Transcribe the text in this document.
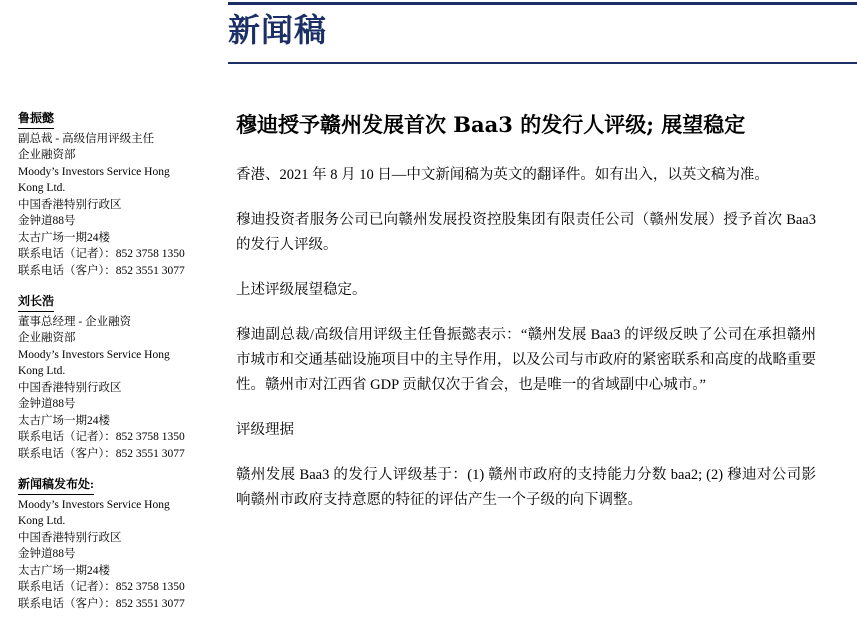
新闻稿
鲁振懿
副总裁 - 高级信用评级主任
企业融资部
Moody’s Investors Service Hong
Kong Ltd.
中国香港特别行政区
金钟道88号
太古广场一期24楼
联系电话（记者）：852 3758 1350
联系电话（客户）：852 3551 3077
刘长浩
董事总经理 - 企业融资
企业融资部
Moody’s Investors Service Hong
Kong Ltd.
中国香港特别行政区
金钟道88号
太古广场一期24楼
联系电话（记者）：852 3758 1350
联系电话（客户）：852 3551 3077
新闻稿发布处:
Moody’s Investors Service Hong
Kong Ltd.
中国香港特别行政区
金钟道88号
太古广场一期24楼
联系电话（记者）：852 3758 1350
联系电话（客户）：852 3551 3077
穆迪授予赣州发展首次 Baa3 的发行人评级; 展望稳定

香港、2021 年 8 月 10 日—中文新闻稿为英文的翻译件。如有出入，以英文稿为准。

穆迪投资者服务公司已向赣州发展投资控股集团有限责任公司（赣州发展）授予首次 Baa3 的发行人评级。

上述评级展望稳定。

穆迪副总裁/高级信用评级主任鲁振懿表示：“赣州发展 Baa3 的评级反映了公司在承担赣州市城市和交通基础设施项目中的主导作用，以及公司与市政府的紧密联系和高度的战略重要性。赣州市对江西省 GDP 贡献仅次于省会，也是唯一的省域副中心城市。”

评级理据

赣州发展 Baa3 的发行人评级基于：(1) 赣州市政府的支持能力分数 baa2; (2) 穆迪对公司影响赣州市政府支持意愿的特征的评估产生一个子级的向下调整。
